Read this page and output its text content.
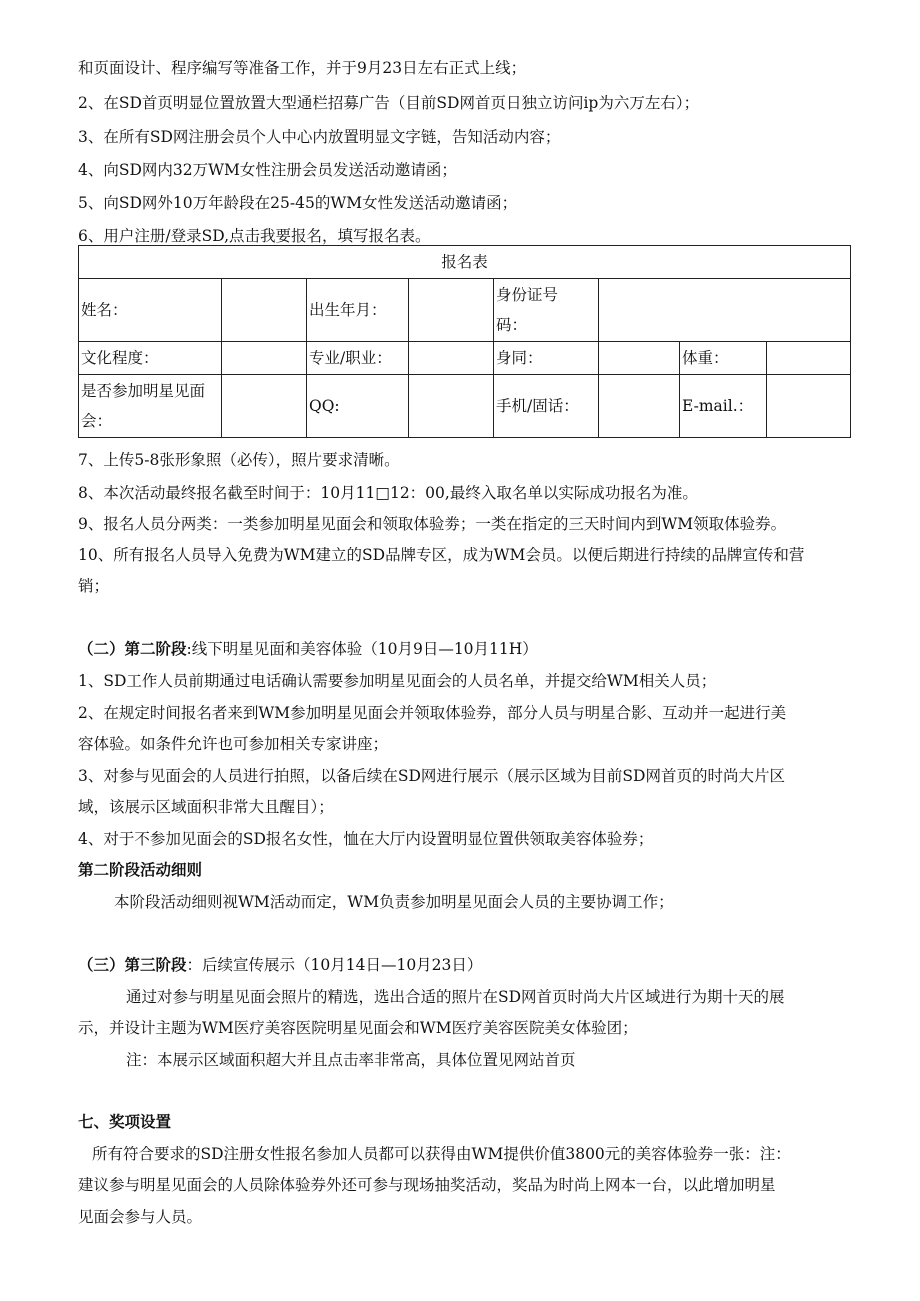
和页面设计、程序编写等准备工作，并于9月23日左右正式上线；
2、在SD首页明显位置放置大型通栏招募广告（目前SD网首页日独立访问ip为六万左右）；
3、在所有SD网注册会员个人中心内放置明显文字链，告知活动内容；
4、向SD网内32万WM女性注册会员发送活动邀请函；
5、向SD网外10万年龄段在25-45的WM女性发送活动邀请函；
6、用户注册/登录SD,点击我要报名，填写报名表。
报名表							
姓名：		出生年月：		身份证号
码：			
文化程度：		专业/职业：		身同：		体重：	
是否参加明星见面
会：		QQ:		手机/固话：		E-mail.：	
7、上传5-8张形象照（必传），照片要求清晰。
8、本次活动最终报名截至时间于：10月11□12：00,最终入取名单以实际成功报名为准。
9、报名人员分两类：一类参加明星见面会和领取体验劵；一类在指定的三天时间内到WM领取体验券。
10、所有报名人员导入免费为WM建立的SD品牌专区，成为WM会员。以便后期进行持续的品牌宣传和营
销；
（二）第二阶段:线下明星见面和美容体验（10月9日—10月11H）
1、SD工作人员前期通过电话确认需要参加明星见面会的人员名单，并提交给WM相关人员；
2、在规定时间报名者来到WM参加明星见面会并领取体验券，部分人员与明星合影、互动并一起进行美
容体验。如条件允许也可参加相关专家讲座；
3、对参与见面会的人员进行拍照，以备后续在SD网进行展示（展示区域为目前SD网首页的时尚大片区
域，该展示区域面积非常大且醒目）；
4、对于不参加见面会的SD报名女性，恤在大厅内设置明显位置供领取美容体验券；
第二阶段活动细则
本阶段活动细则视WM活动而定，WM负责参加明星见面会人员的主要协调工作；
（三）第三阶段：后续宣传展示（10月14日—10月23日）
通过对参与明星见面会照片的精选，选出合适的照片在SD网首页时尚大片区域进行为期十天的展
示，并设计主题为WM医疗美容医院明星见面会和WM医疗美容医院美女体验团；
注：本展示区域面积超大并且点击率非常高，具体位置见网站首页
七、奖项设置
所有符合要求的SD注册女性报名参加人员都可以获得由WM提供价值3800元的美容体验券一张：注：
建议参与明星见面会的人员除体验券外还可参与现场抽奖活动，奖品为时尚上网本一台，以此增加明星
见面会参与人员。
